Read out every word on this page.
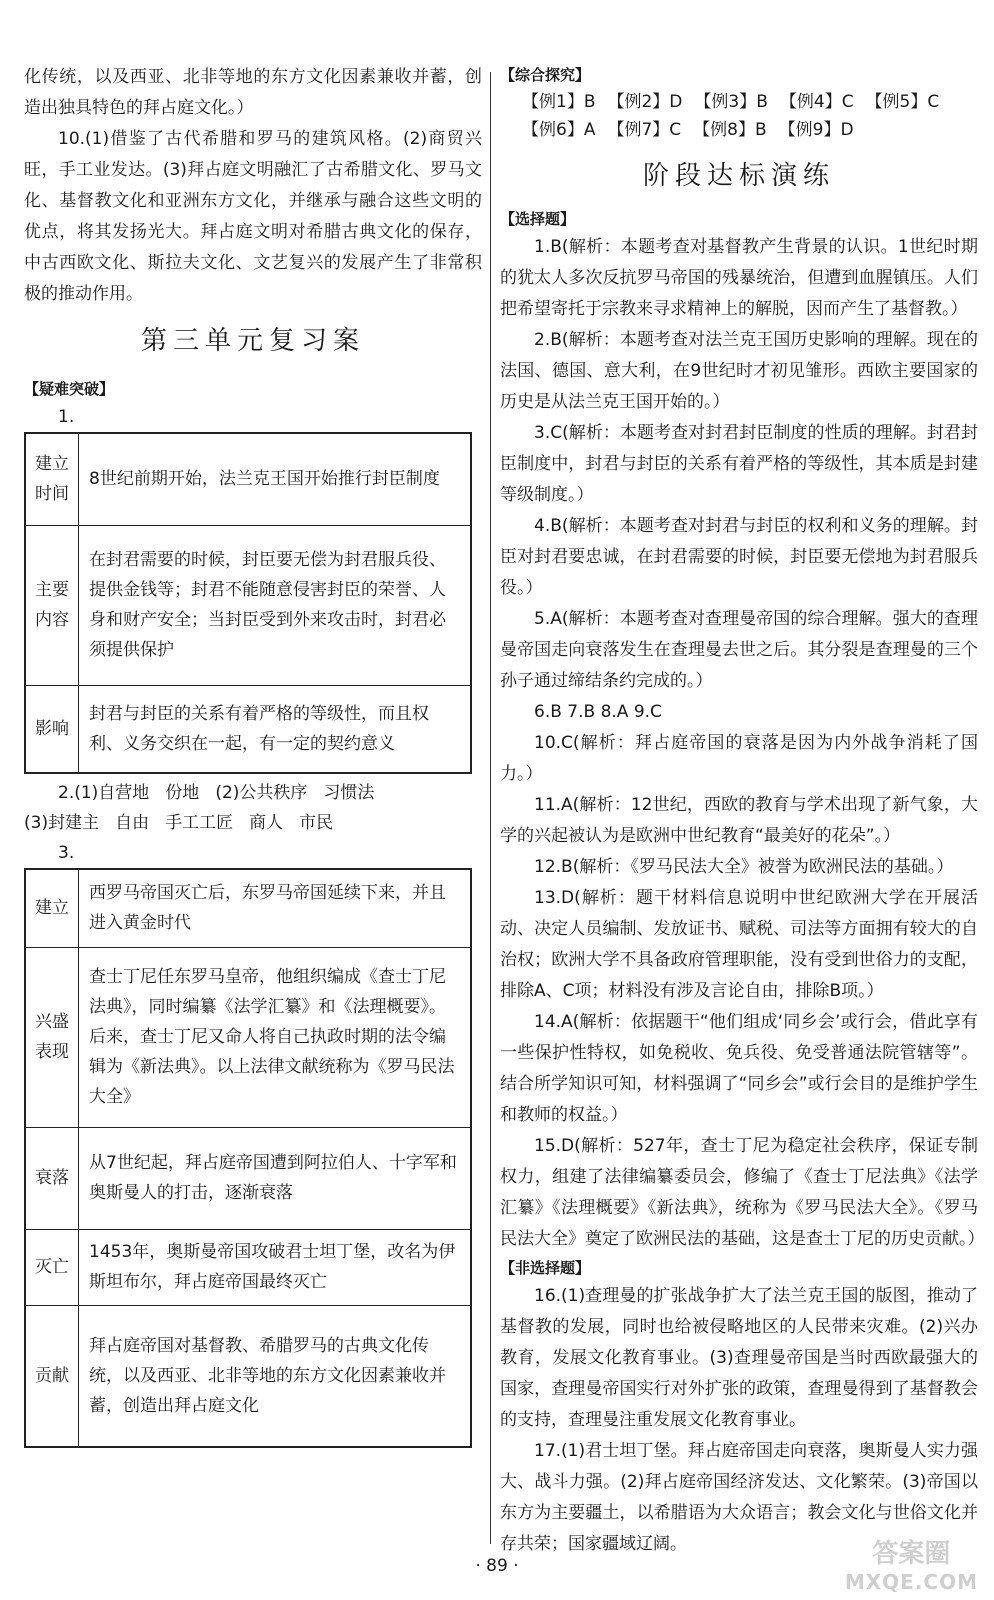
化传统，以及西亚、北非等地的东方文化因素兼收并蓄，创造出独具特色的拜占庭文化。）

10.(1)借鉴了古代希腊和罗马的建筑风格。(2)商贸兴旺，手工业发达。(3)拜占庭文明融汇了古希腊文化、罗马文化、基督教文化和亚洲东方文化，并继承与融合这些文明的优点，将其发扬光大。拜占庭文明对希腊古典文化的保存，中古西欧文化、斯拉夫文化、文艺复兴的发展产生了非常积极的推动作用。

第三单元复习案
【疑难突破】
1.
建立时间	8世纪前期开始，法兰克王国开始推行封臣制度
主要内容	在封君需要的时候，封臣要无偿为封君服兵役、提供金钱等；封君不能随意侵害封臣的荣誉、人身和财产安全；当封臣受到外来攻击时，封君必须提供保护
影响	封君与封臣的关系有着严格的等级性，而且权利、义务交织在一起，有一定的契约意义
2.(1)自营地 份地 (2)公共秩序 习惯法
(3)封建主 自由 手工工匠 商人 市民
3.
建立	西罗马帝国灭亡后，东罗马帝国延续下来，并且进入黄金时代
兴盛表现	查士丁尼任东罗马皇帝，他组织编成《查士丁尼法典》，同时编纂《法学汇纂》和《法理概要》。后来，查士丁尼又命人将自己执政时期的法令编辑为《新法典》。以上法律文献统称为《罗马民法大全》
衰落	从7世纪起，拜占庭帝国遭到阿拉伯人、十字军和奥斯曼人的打击，逐渐衰落
灭亡	1453年，奥斯曼帝国攻破君士坦丁堡，改名为伊斯坦布尔，拜占庭帝国最终灭亡
贡献	拜占庭帝国对基督教、希腊罗马的古典文化传统，以及西亚、北非等地的东方文化因素兼收并蓄，创造出拜占庭文化
【综合探究】
【例1】B 【例2】D 【例3】B 【例4】C 【例5】C
【例6】A 【例7】C 【例8】B 【例9】D
阶段达标演练
【选择题】

1.B(解析：本题考查对基督教产生背景的认识。1世纪时期的犹太人多次反抗罗马帝国的残暴统治，但遭到血腥镇压。人们把希望寄托于宗教来寻求精神上的解脱，因而产生了基督教。）

2.B(解析：本题考查对法兰克王国历史影响的理解。现在的法国、德国、意大利，在9世纪时才初见雏形。西欧主要国家的历史是从法兰克王国开始的。）

3.C(解析：本题考查对封君封臣制度的性质的理解。封君封臣制度中，封君与封臣的关系有着严格的等级性，其本质是封建等级制度。）

4.B(解析：本题考查对封君与封臣的权利和义务的理解。封臣对封君要忠诚，在封君需要的时候，封臣要无偿地为封君服兵役。）

5.A(解析：本题考查对查理曼帝国的综合理解。强大的查理曼帝国走向衰落发生在查理曼去世之后。其分裂是查理曼的三个孙子通过缔结条约完成的。）

6.B 7.B 8.A 9.C

10.C(解析：拜占庭帝国的衰落是因为内外战争消耗了国力。）

11.A(解析：12世纪，西欧的教育与学术出现了新气象，大学的兴起被认为是欧洲中世纪教育“最美好的花朵”。）

12.B(解析：《罗马民法大全》被誉为欧洲民法的基础。）

13.D(解析：题干材料信息说明中世纪欧洲大学在开展活动、决定人员编制、发放证书、赋税、司法等方面拥有较大的自治权；欧洲大学不具备政府管理职能，没有受到世俗力的支配，排除A、C项；材料没有涉及言论自由，排除B项。）

14.A(解析：依据题干“他们组成‘同乡会’或行会，借此享有一些保护性特权，如免税收、免兵役、免受普通法院管辖等”。结合所学知识可知，材料强调了“同乡会”或行会目的是维护学生和教师的权益。）

15.D(解析：527年，查士丁尼为稳定社会秩序，保证专制权力，组建了法律编纂委员会，修编了《查士丁尼法典》《法学汇纂》《法理概要》《新法典》，统称为《罗马民法大全》。《罗马民法大全》奠定了欧洲民法的基础，这是查士丁尼的历史贡献。）

【非选择题】

16.(1)查理曼的扩张战争扩大了法兰克王国的版图，推动了基督教的发展，同时也给被侵略地区的人民带来灾难。(2)兴办教育，发展文化教育事业。(3)查理曼帝国是当时西欧最强大的国家，查理曼帝国实行对外扩张的政策，查理曼得到了基督教会的支持，查理曼注重发展文化教育事业。

17.(1)君士坦丁堡。拜占庭帝国走向衰落，奥斯曼人实力强大、战斗力强。(2)拜占庭帝国经济发达、文化繁荣。(3)帝国以东方为主要疆土，以希腊语为大众语言；教会文化与世俗文化并存共荣；国家疆域辽阔。

· 89 ·	答案圈
MXQE.COM
